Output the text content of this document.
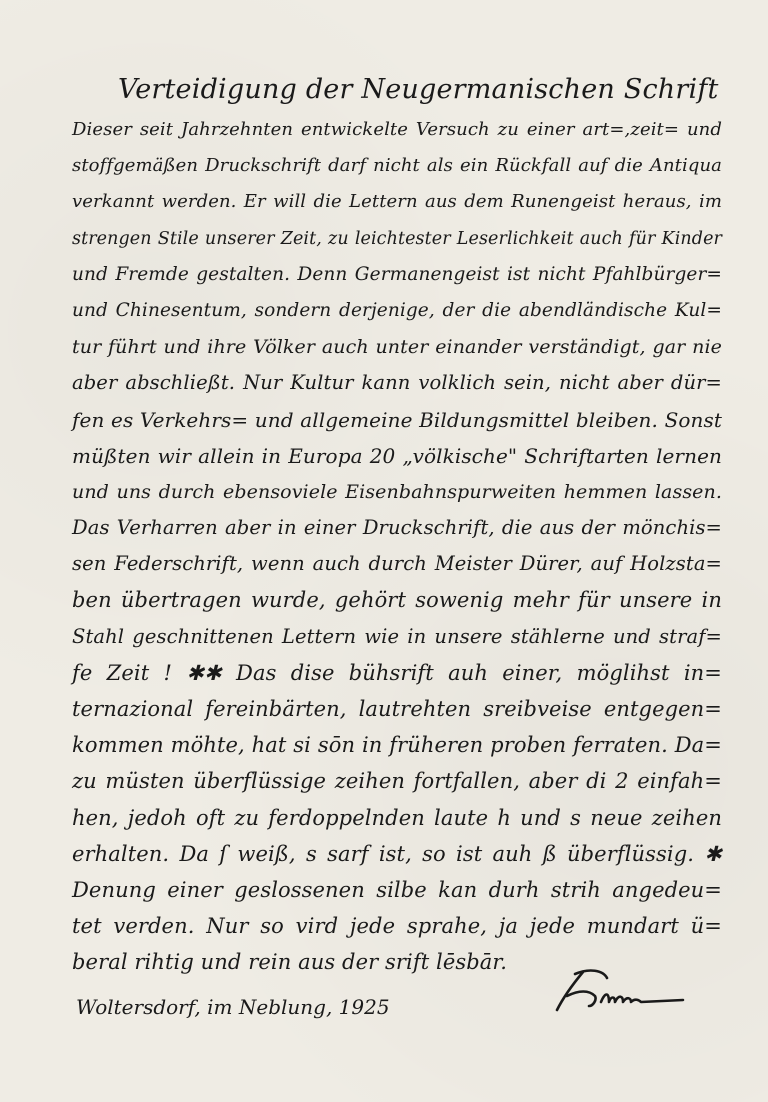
Verteidigung der Neugermanischen Schrift
Dieser seit Jahrzehnten entwickelte Versuch zu einer art=,zeit= und
stoffgemäßen Druckschrift darf nicht als ein Rückfall auf die Antiqua
verkannt werden. Er will die Lettern aus dem Runengeist heraus, im
strengen Stile unserer Zeit, zu leichtester Leserlichkeit auch für Kinder
und Fremde gestalten. Denn Germanengeist ist nicht Pfahlbürger=
und Chinesentum, sondern derjenige, der die abendländische Kul=
tur führt und ihre Völker auch unter einander verständigt, gar nie
aber abschließt. Nur Kultur kann volklich sein, nicht aber dür=
fen es Verkehrs= und allgemeine Bildungsmittel bleiben. Sonst
müßten wir allein in Europa 20 „völkische" Schriftarten lernen
und uns durch ebensoviele Eisenbahnspurweiten hemmen lassen.
Das Verharren aber in einer Druckschrift, die aus der mönchis=
sen Federschrift, wenn auch durch Meister Dürer, auf Holzsta=
ben übertragen wurde, gehört sowenig mehr für unsere in
Stahl geschnittenen Lettern wie in unsere stählerne und straf=
fe Zeit ! ✱✱ Das dise bühsrift auh einer, möglihst in=
ternazional fereinbärten, lautrehten sreibveise entgegen=
kommen möhte, hat si sōn in früheren proben ferraten. Da=
zu müsten überflüssige zeihen fortfallen, aber di 2 einfah=
hen, jedoh oft zu ferdoppelnden laute h und s neue zeihen
erhalten. Da ſ weiß, s sarf ist, so ist auh ß überflüssig. ✱
Denung einer geslossenen silbe kan durh strih angedeu=
tet verden. Nur so vird jede sprahe, ja jede mundart ü=
beral rihtig und rein aus der srift lēsbār.
Woltersdorf, im Neblung, 1925
